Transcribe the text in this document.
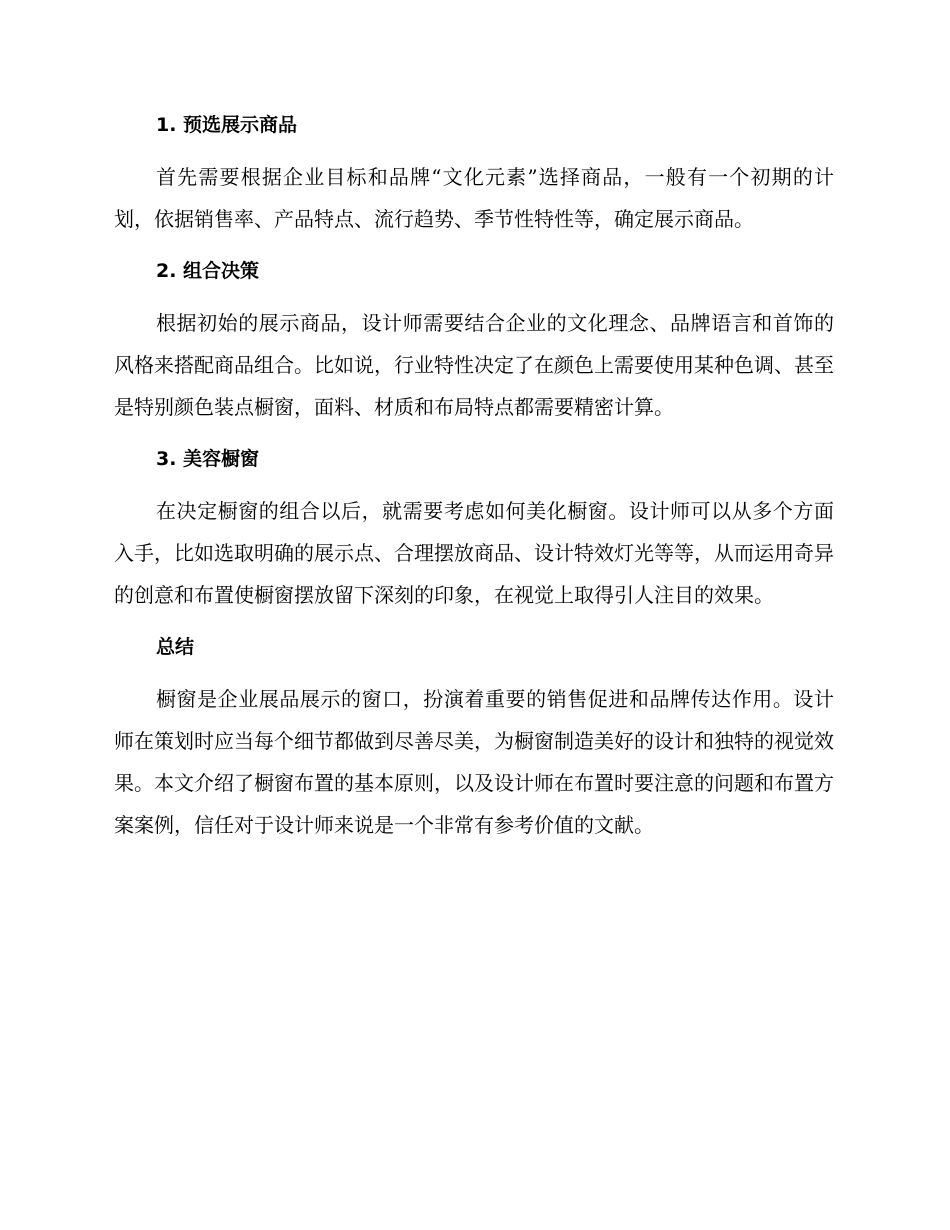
1. 预选展示商品

首先需要根据企业目标和品牌“文化元素”选择商品，一般有一个初期的计划，依据销售率、产品特点、流行趋势、季节性特性等，确定展示商品。

2. 组合决策

根据初始的展示商品，设计师需要结合企业的文化理念、品牌语言和首饰的风格来搭配商品组合。比如说，行业特性决定了在颜色上需要使用某种色调、甚至是特别颜色装点橱窗，面料、材质和布局特点都需要精密计算。

3. 美容橱窗

在决定橱窗的组合以后，就需要考虑如何美化橱窗。设计师可以从多个方面入手，比如选取明确的展示点、合理摆放商品、设计特效灯光等等，从而运用奇异的创意和布置使橱窗摆放留下深刻的印象，在视觉上取得引人注目的效果。

总结

橱窗是企业展品展示的窗口，扮演着重要的销售促进和品牌传达作用。设计师在策划时应当每个细节都做到尽善尽美，为橱窗制造美好的设计和独特的视觉效果。本文介绍了橱窗布置的基本原则，以及设计师在布置时要注意的问题和布置方案案例，信任对于设计师来说是一个非常有参考价值的文献。
